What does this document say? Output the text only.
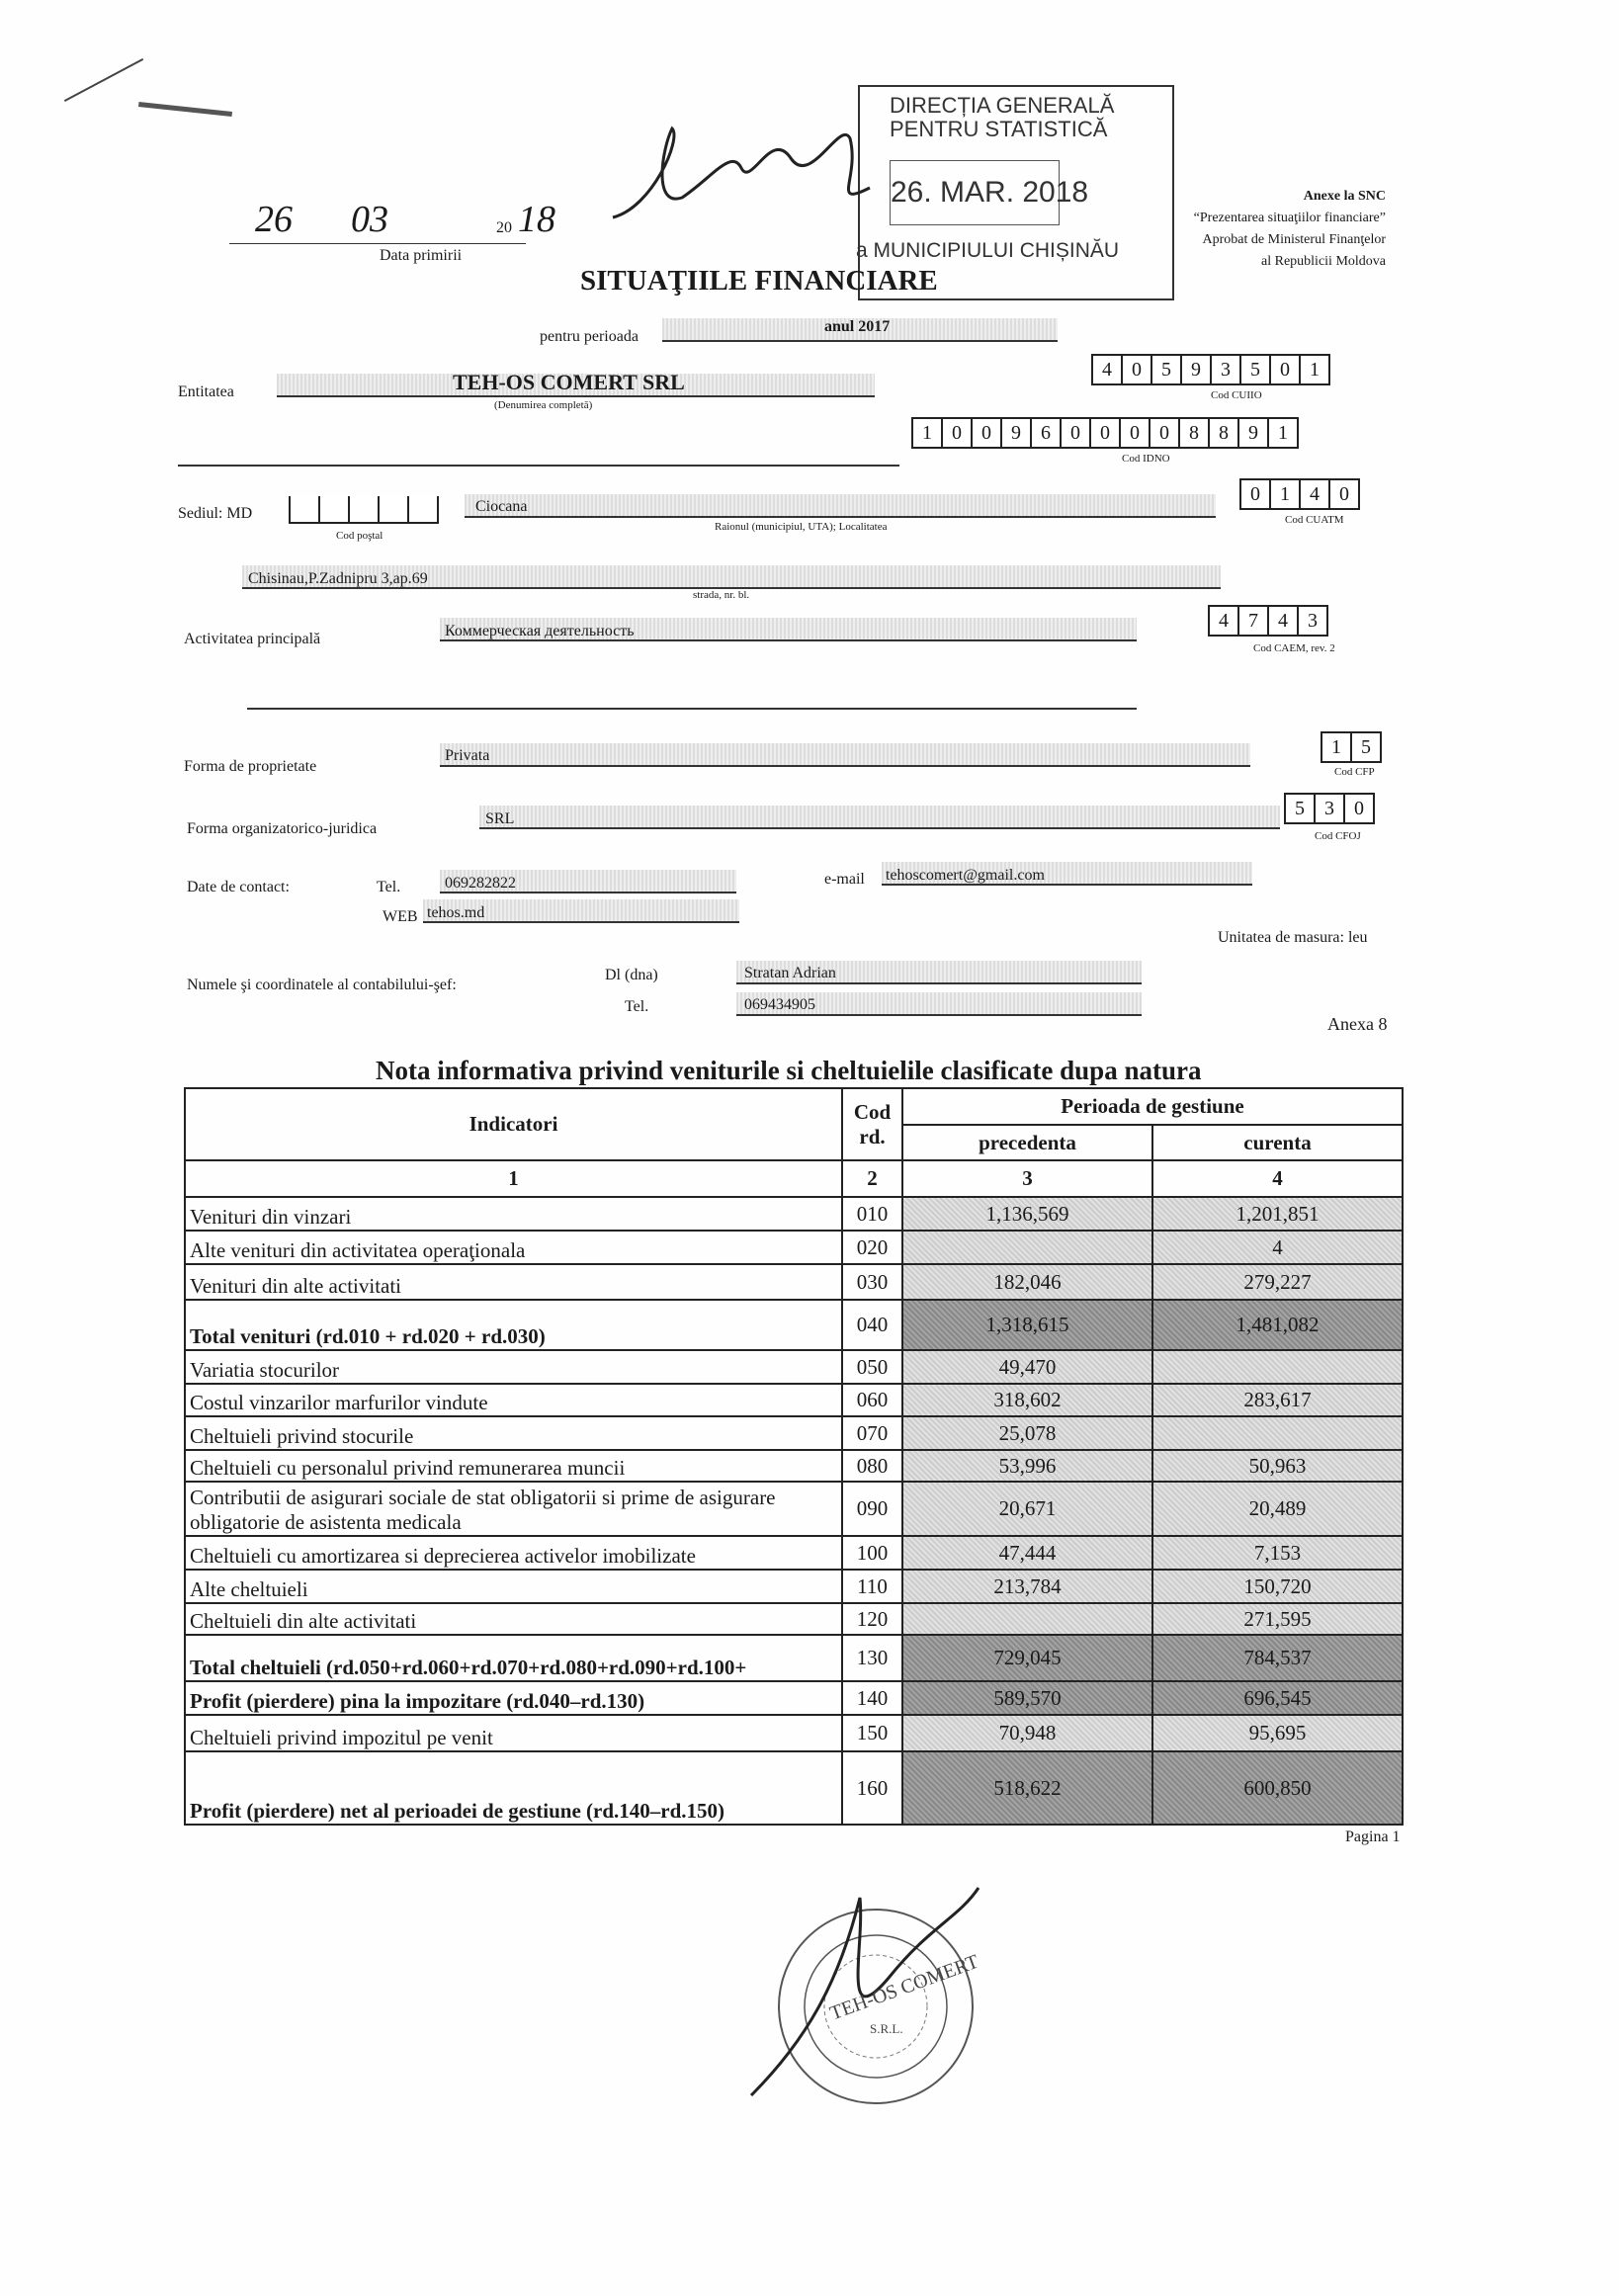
DIRECȚIA GENERALĂ
PENTRU STATISTICĂ
26. MAR. 2018
a MUNICIPIULUI CHIȘINĂU
Anexe la SNC
“Prezentarea situaţiilor financiare”
Aprobat de Ministerul Finanţelor
al Republicii Moldova
26 03	20 18
Data primirii
SITUAŢIILE FINANCIARE
pentru perioada
anul 2017
Entitatea	TEH-OS COMERT SRL
(Denumirea completă)
4	0	5	9	3	5	0	1
Cod CUIIO
1	0	0	9	6	0	0	0	0	8	8	9	1
Cod IDNO
Sediul: MD
Cod poştal
Ciocana
Raionul (municipiul, UTA); Localitatea
0	1	4	0
Cod CUATM
Chisinau,P.Zadnipru 3,ap.69
strada, nr. bl.
Activitatea principală	Коммерческая деятельность	4	7	4	3
Cod CAEM, rev. 2
Forma de proprietate
Privata	1	5
Cod CFP
Forma organizatorico-juridica
SRL	5	3	0
Cod CFOJ
Date de contact:	Tel.	069282822	e-mail tehoscomert@gmail.com
WEB tehos.md
Unitatea de masura: leu
Numele şi coordinatele al contabilului-şef:
Dl (dna)	Stratan Adrian
Tel.	069434905
Anexa 8
Nota informativa privind veniturile si cheltuielile clasificate dupa natura
Indicatori	Cod rd.	Perioada de gestiune	
		precedenta	curenta
1	2	3	4
Venituri din vinzari	010	1,136,569	1,201,851
Alte venituri din activitatea operaţionala	020		4
Venituri din alte activitati	030	182,046	279,227
Total venituri (rd.010 + rd.020 + rd.030)	040	1,318,615	1,481,082
Variatia stocurilor	050	49,470	
Costul vinzarilor marfurilor vindute	060	318,602	283,617
Cheltuieli privind stocurile	070	25,078	
Cheltuieli cu personalul privind remunerarea muncii	080	53,996	50,963
Contributii de asigurari sociale de stat obligatorii si prime de asigurare obligatorie de asistenta medicala	090	20,671	20,489
Cheltuieli cu amortizarea si deprecierea activelor imobilizate	100	47,444	7,153
Alte cheltuieli	110	213,784	150,720
Cheltuieli din alte activitati	120		271,595
Total cheltuieli (rd.050+rd.060+rd.070+rd.080+rd.090+rd.100+	130	729,045	784,537
Profit (pierdere) pina la impozitare (rd.040–rd.130)	140	589,570	696,545
Cheltuieli privind impozitul pe venit	150	70,948	95,695
Profit (pierdere) net al perioadei de gestiune (rd.140–rd.150)	160	518,622	600,850
Pagina 1
TEH-OS COMERT
S.R.L.
